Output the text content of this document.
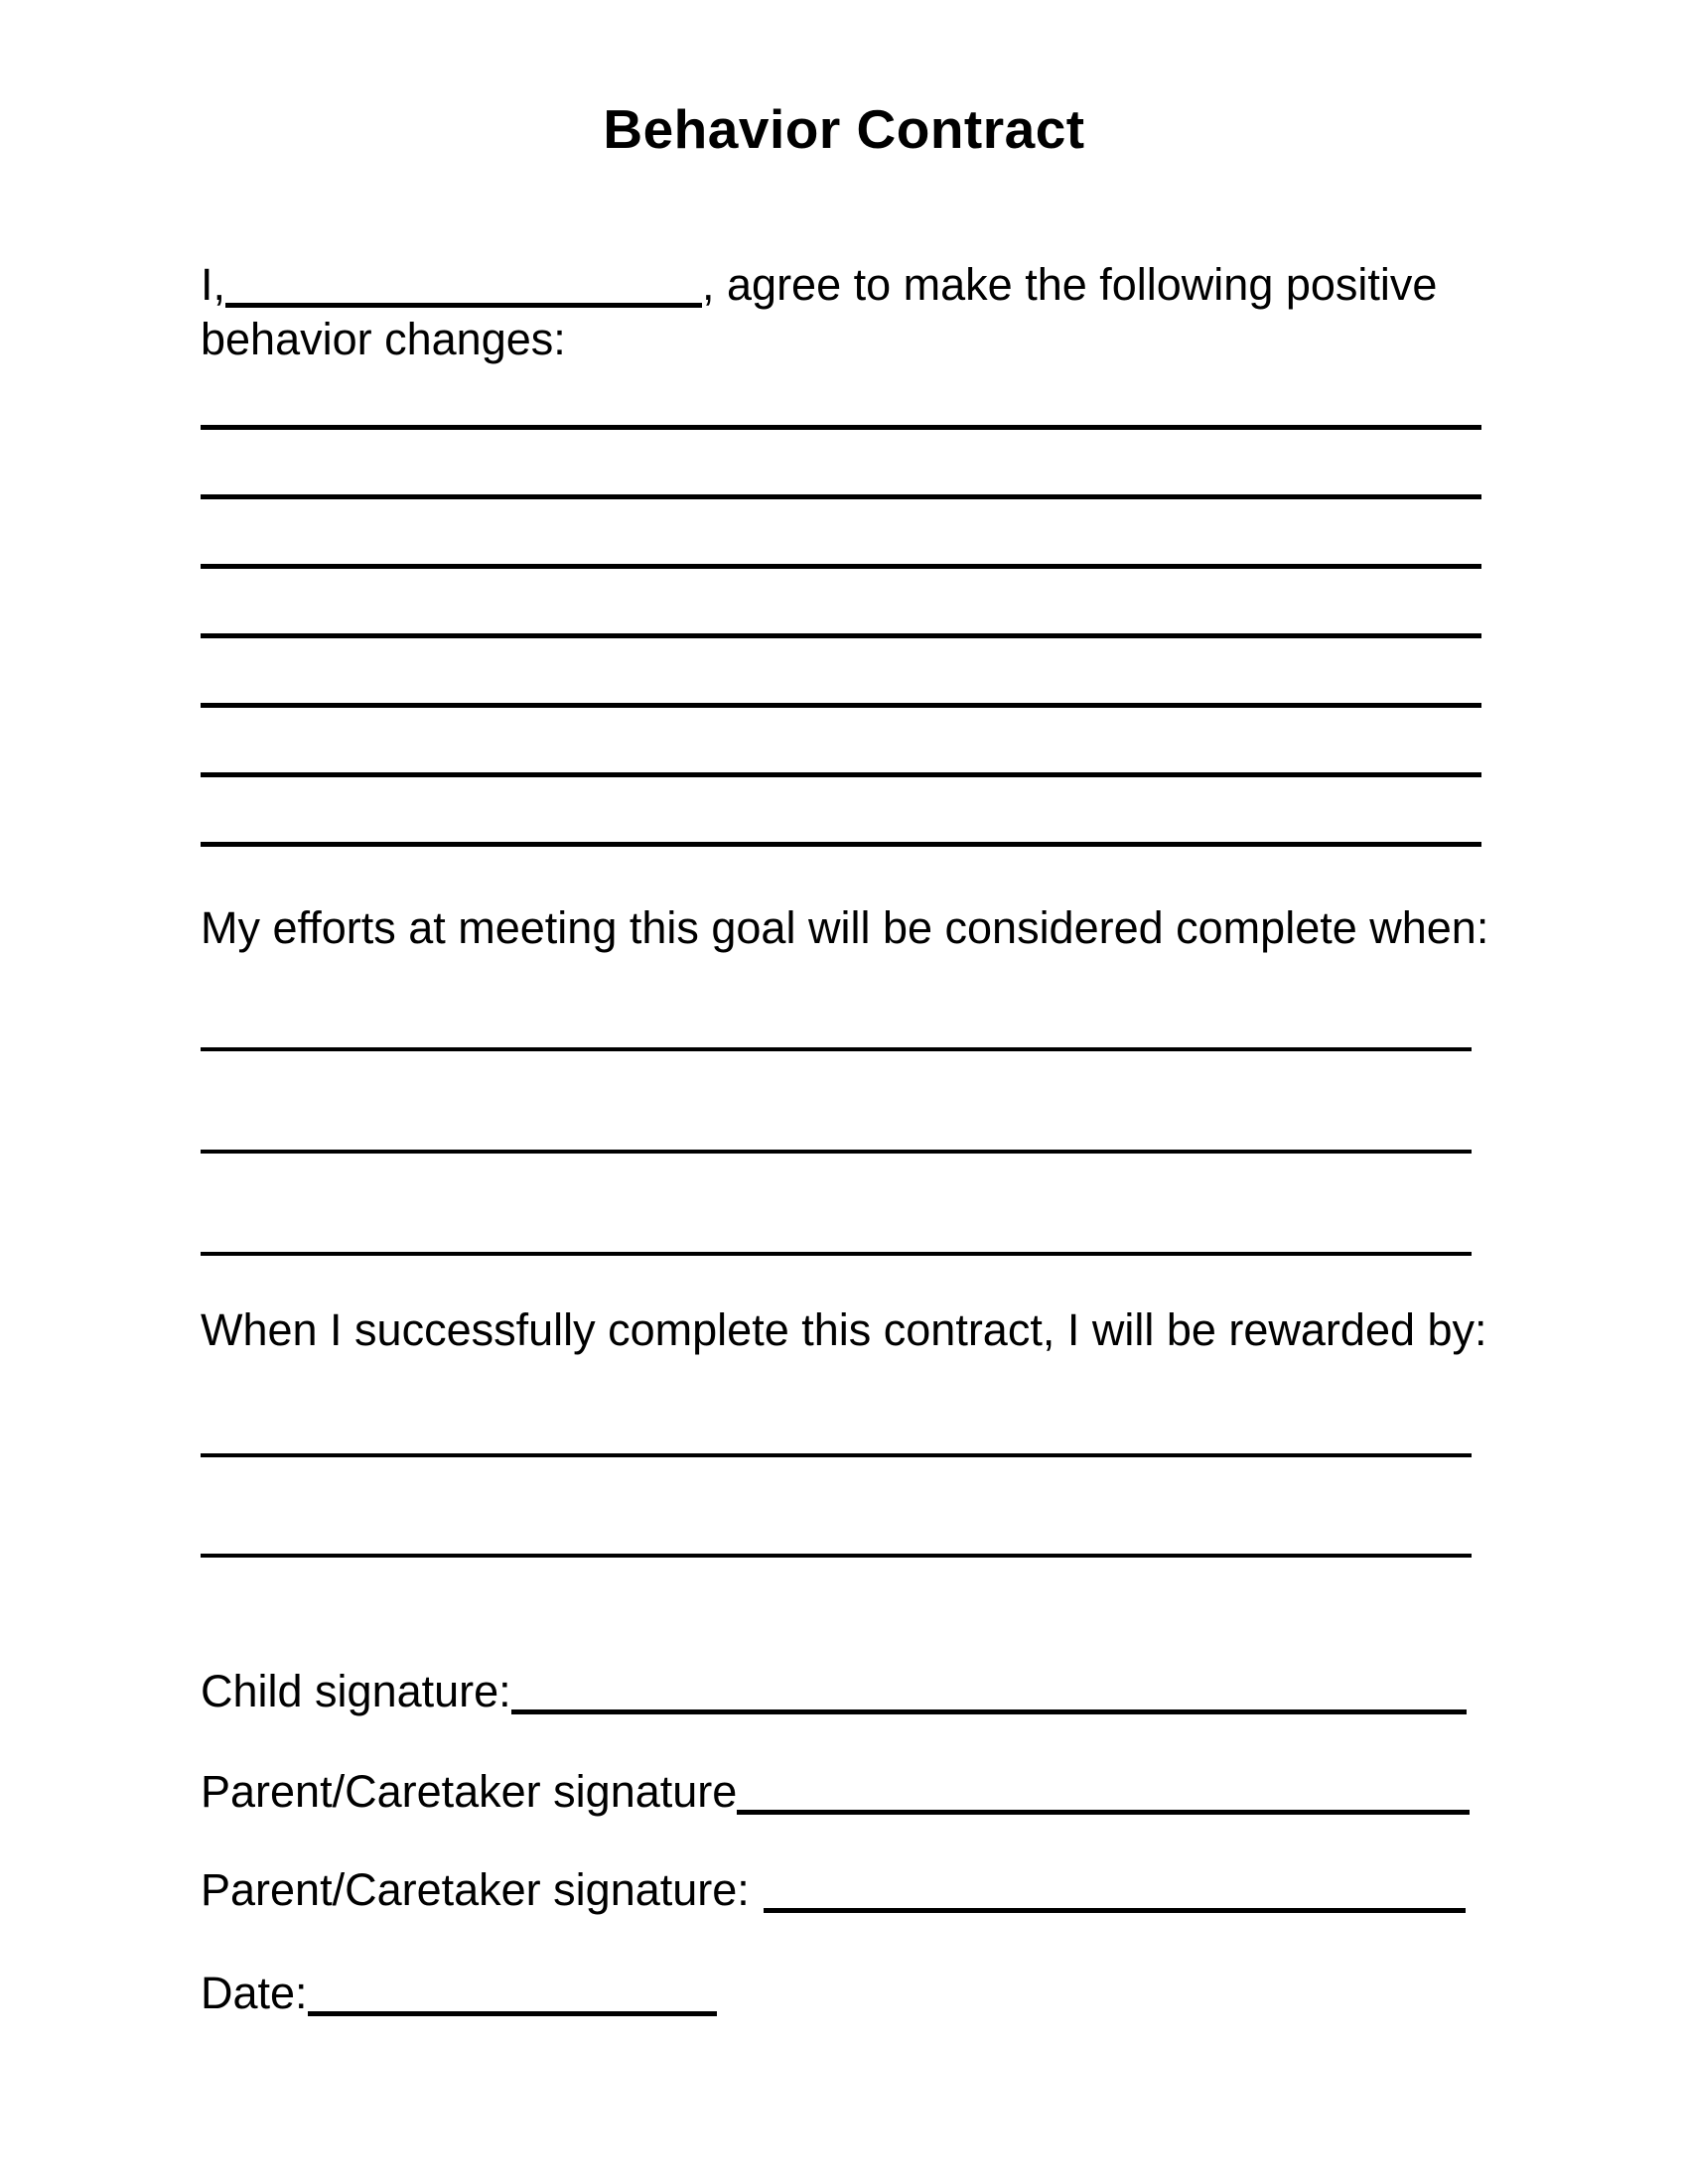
Behavior Contract
I,	, agree to make the following positive
behavior changes:
My efforts at meeting this goal will be considered complete when:
When I successfully complete this contract, I will be rewarded by:
Child signature:
Parent/Caretaker signature
Parent/Caretaker signature:
Date:
